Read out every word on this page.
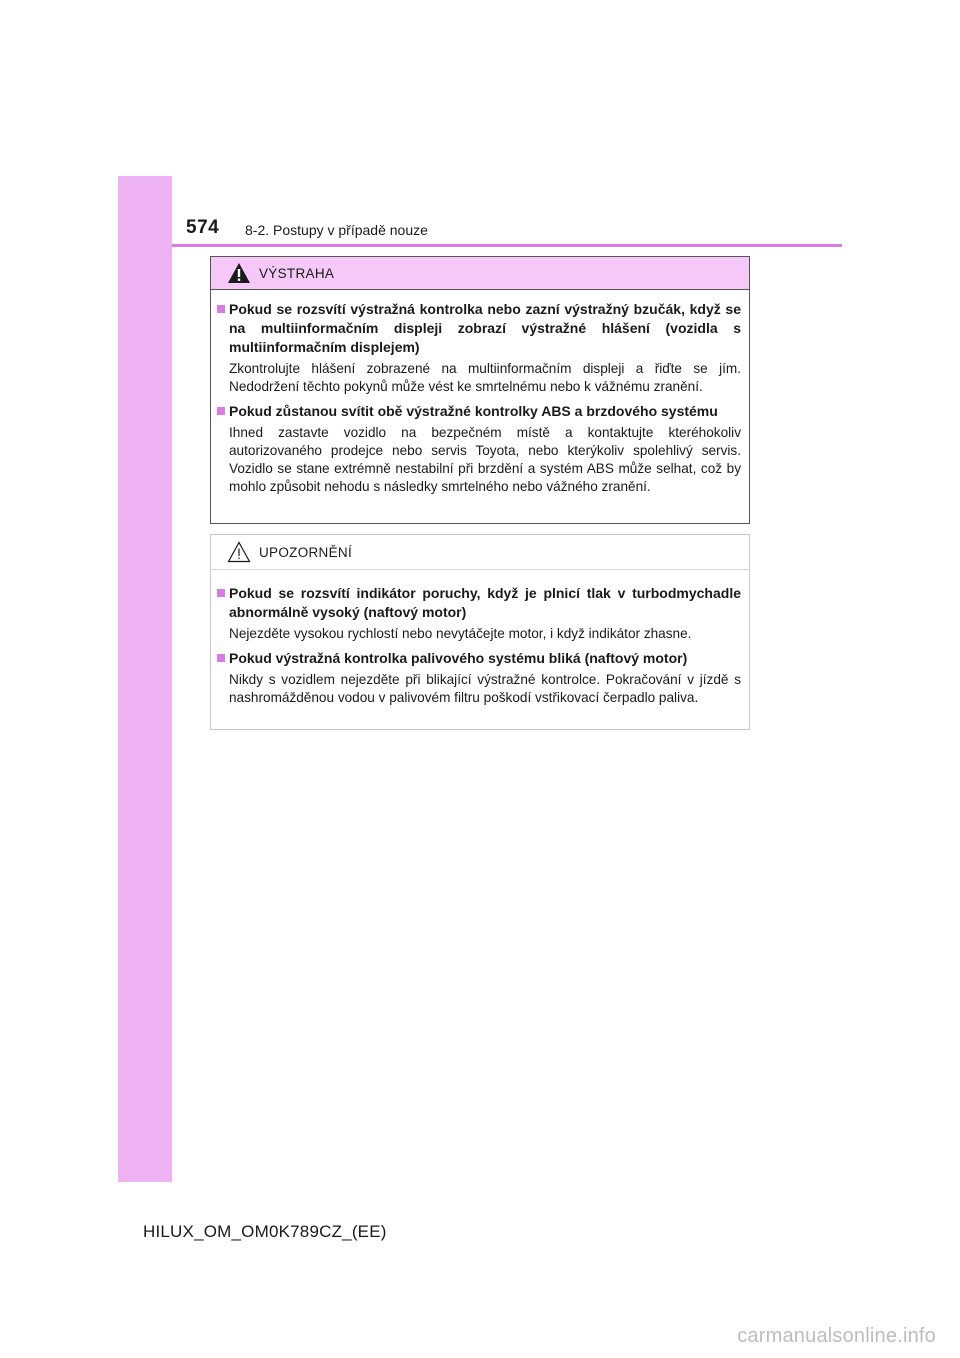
574 8-2. Postupy v případě nouze
VÝSTRAHA
Pokud se rozsvítí výstražná kontrolka nebo zazní výstražný bzučák, když se na multiinformačním displeji zobrazí výstražné hlášení (vozidla s multiinformačním displejem)
Zkontrolujte hlášení zobrazené na multiinformačním displeji a řiďte se jím. Nedodržení těchto pokynů může vést ke smrtelnému nebo k vážnému zranění.
Pokud zůstanou svítit obě výstražné kontrolky ABS a brzdového systému
Ihned zastavte vozidlo na bezpečném místě a kontaktujte kteréhokoliv autorizovaného prodejce nebo servis Toyota, nebo kterýkoliv spolehlivý servis. Vozidlo se stane extrémně nestabilní při brzdění a systém ABS může selhat, což by mohlo způsobit nehodu s následky smrtelného nebo vážného zranění.
UPOZORNĚNÍ
Pokud se rozsvítí indikátor poruchy, když je plnicí tlak v turbodmychadle abnormálně vysoký (naftový motor)
Nejezděte vysokou rychlostí nebo nevytáčejte motor, i když indikátor zhasne.
Pokud výstražná kontrolka palivového systému bliká (naftový motor)
Nikdy s vozidlem nejezděte při blikající výstražné kontrolce. Pokračování v jízdě s nashromážděnou vodou v palivovém filtru poškodí vstřikovací čerpadlo paliva.
HILUX_OM_OM0K789CZ_(EE)
carmanualsonline.info
